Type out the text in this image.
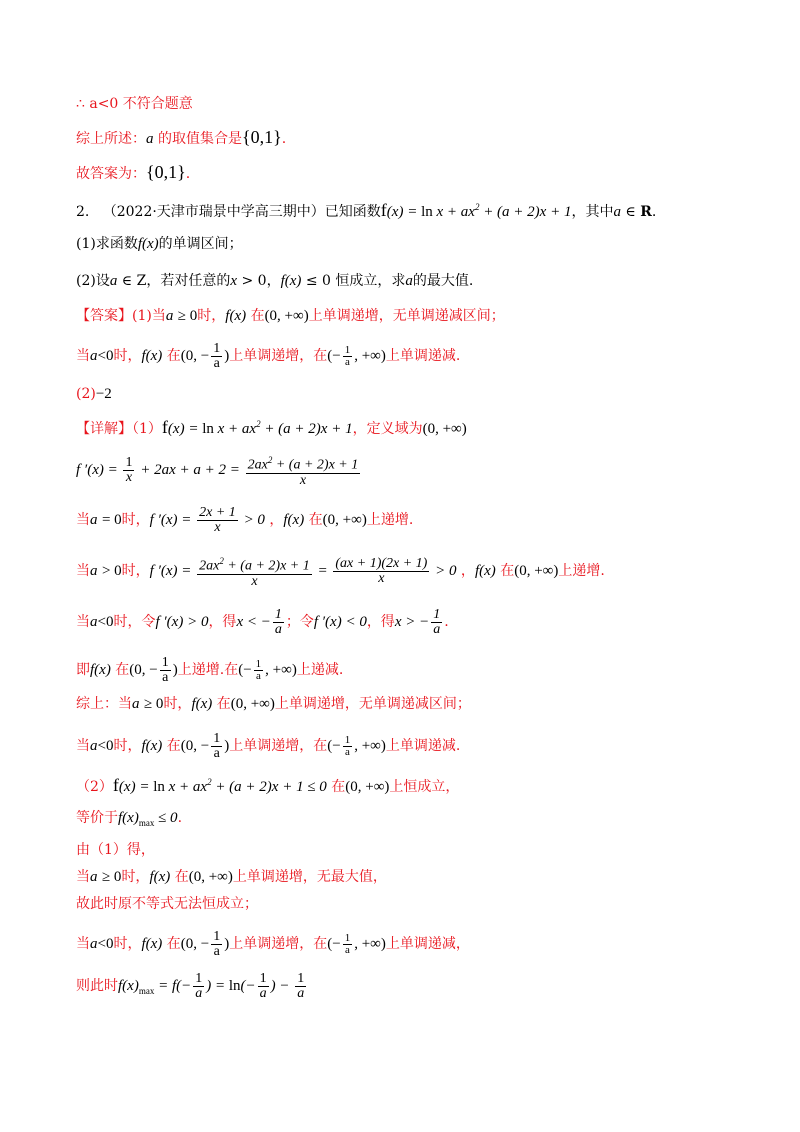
∴ a<0 不符合题意
综上所述：a 的取值集合是{0,1}.
故答案为：{0,1}.
2. （2022·天津市瑞景中学高三期中）已知函数$f(x) = \ln x + ax^2 + (a + 2)x + 1$，其中a ∈ R.
(1)求函数f(x)的单调区间；
(2)设a ∈ Z，若对任意的x > 0，f(x) ≤ 0 恒成立，求a的最大值.
【答案】(1)当a ≥ 0时，f(x) 在(0, +∞)上单调递增，无单调递减区间；
当a<0时，f(x) 在(0, − $\frac{1}{a}$ )上单调递增，在(− $\frac{1}{a}$ , +∞)上单调递减.
(2)−2
【详解】$(1)f(x) = \ln x + ax^2 + (a + 2)x + 1$，定义域为(0, +∞)
f $'(x) = \frac{1}{x} + 2ax + a + 2 = \frac{2ax^2 + (a + 2)x + 1}{x}$
当a = 0时，f $'(x) = \frac{2x + 1}{x} > 0$ ，f(x) 在(0, +∞)上递增.
当a > 0时，f $'(x) = \frac{2ax^2 + (a + 2)x + 1}{x} = \frac{(ax + 1)(2x + 1)}{x} > 0$ ，f(x) 在(0, +∞)上递增.
当a<0时，令f ′(x) > 0，得x < − $\frac{1}{a}$ ；令f ′(x) < 0，得x > − $\frac{1}{a}$ .
即f(x) 在(0, − $\frac{1}{a}$ )上递增.在(− $\frac{1}{a}$ , +∞)上递减.
综上：当a ≥ 0时，f(x) 在(0, +∞)上单调递增，无单调递减区间；
当a<0时，f(x) 在(0, − $\frac{1}{a}$ )上单调递增，在(− $\frac{1}{a}$ , +∞)上单调递减.
$(2)f(x) = \ln x + ax^2 + (a + 2)x + 1 \le 0$ 在(0, +∞)上恒成立，
等价于$f(x)_{max} \le 0$.
由（1）得，
当a ≥ 0时，f(x) 在(0, +∞)上单调递增，无最大值，
故此时原不等式无法恒成立；
当a<0时，f(x) 在(0, − $\frac{1}{a}$ )上单调递增，在(− $\frac{1}{a}$ , +∞)上单调递减，
则此时$f(x)_{max} = f(- \frac{1}{a}$ ) = $\ln(- \frac{1}{a}$ ) − $\frac{1}{a}$
